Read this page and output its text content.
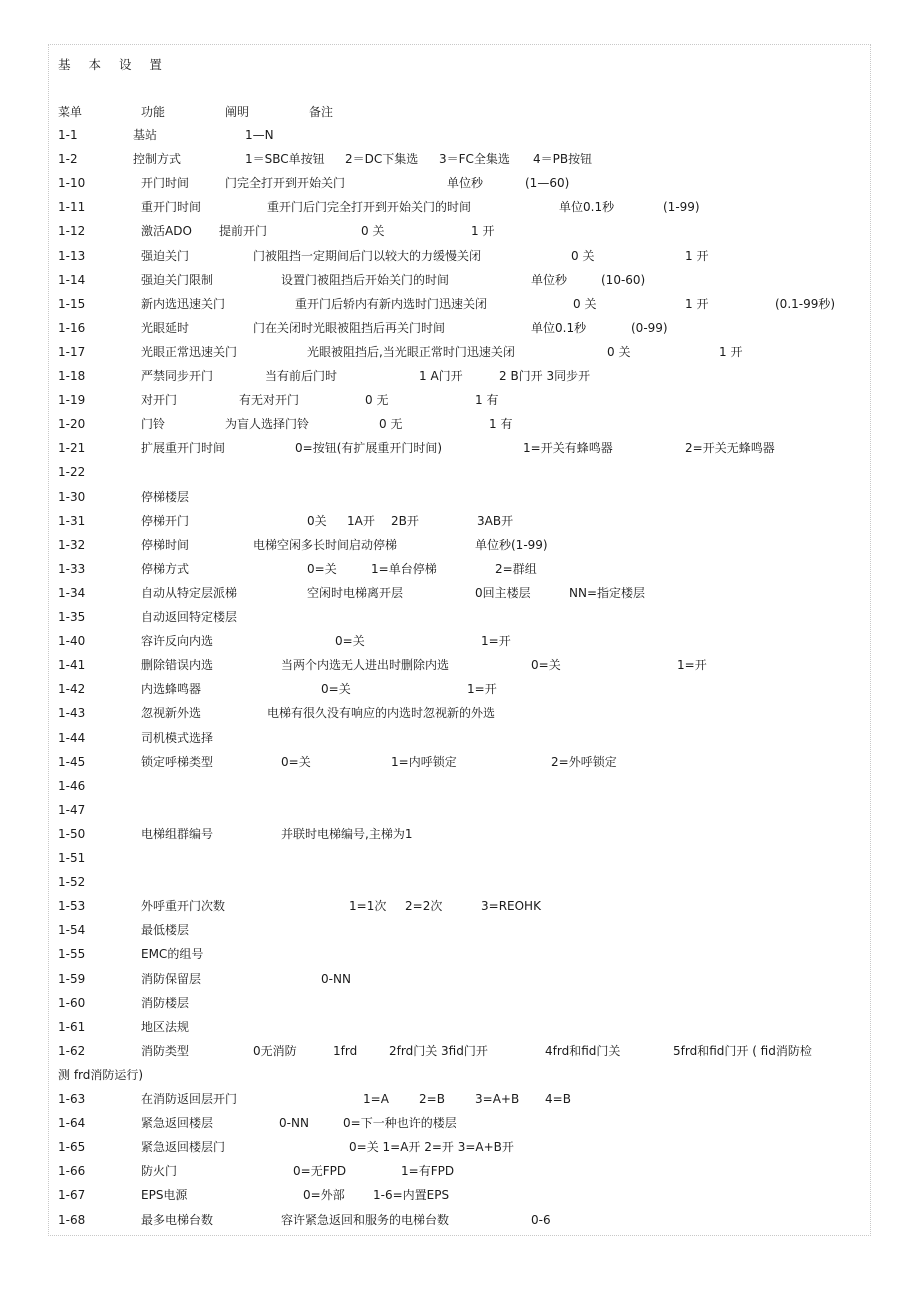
基 本 设 置
菜单	功能	阐明	备注
1-1	基站	1—N
1-2	控制方式	1＝SBC单按钮 2＝DC下集选 3＝FC全集选 4＝PB按钮
1-10	开门时间	门完全打开到开始关门	单位秒	(1—60)
1-11	重开门时间	重开门后门完全打开到开始关门的时间	单位0.1秒	(1-99)
1-12	激活ADO 提前开门	0 关	1 开
1-13	强迫关门	门被阻挡一定期间后门以较大的力缓慢关闭	0 关	1 开
1-14	强迫关门限制	设置门被阻挡后开始关门的时间	单位秒	(10-60)
1-15	新内选迅速关门	重开门后轿内有新内选时门迅速关闭	0 关	1 开	(0.1-99秒)
1-16	光眼延时	门在关闭时光眼被阻挡后再关门时间	单位0.1秒	(0-99)
1-17	光眼正常迅速关门	光眼被阻挡后,当光眼正常时门迅速关闭	0 关	1 开
1-18	严禁同步开门	当有前后门时	1 A门开	2 B门开 3同步开
1-19	对开门	有无对开门	0 无	1 有
1-20	门铃	为盲人选择门铃	0 无	1 有
1-21	扩展重开门时间	0=按钮(有扩展重开门时间)	1=开关有蜂鸣器	2=开关无蜂鸣器
1-22
1-30	停梯楼层
1-31	停梯开门	0关 1A开 2B开	3AB开
1-32	停梯时间	电梯空闲多长时间启动停梯	单位秒(1-99)
1-33	停梯方式	0=关	1=单台停梯	2=群组
1-34	自动从特定层派梯	空闲时电梯离开层	0回主楼层	NN=指定楼层
1-35	自动返回特定楼层
1-40	容许反向内选	0=关	1=开
1-41	删除错误内选	当两个内选无人进出时删除内选	0=关	1=开
1-42	内选蜂鸣器	0=关	1=开
1-43	忽视新外选	电梯有很久没有响应的内选时忽视新的外选
1-44	司机模式选择
1-45	锁定呼梯类型	0=关	1=内呼锁定	2=外呼锁定
1-46
1-47
1-50	电梯组群编号	并联时电梯编号,主梯为1
1-51
1-52
1-53	外呼重开门次数	1=1次 2=2次	3=REOHK
1-54	最低楼层
1-55	EMC的组号
1-59	消防保留层	0-NN
1-60	消防楼层
1-61	地区法规
1-62	消防类型	0无消防	1frd	2frd门关 3fid门开	4frd和fid门关	5frd和fid门开 ( fid消防检
测 frd消防运行)
1-63	在消防返回层开门	1=A	2=B	3=A+B 4=B
1-64	紧急返回楼层	0-NN	0=下一种也许的楼层
1-65	紧急返回楼层门	0=关 1=A开 2=开 3=A+B开
1-66	防火门	0=无FPD	1=有FPD
1-67	EPS电源	0=外部 1-6=内置EPS
1-68	最多电梯台数	容许紧急返回和服务的电梯台数	0-6
